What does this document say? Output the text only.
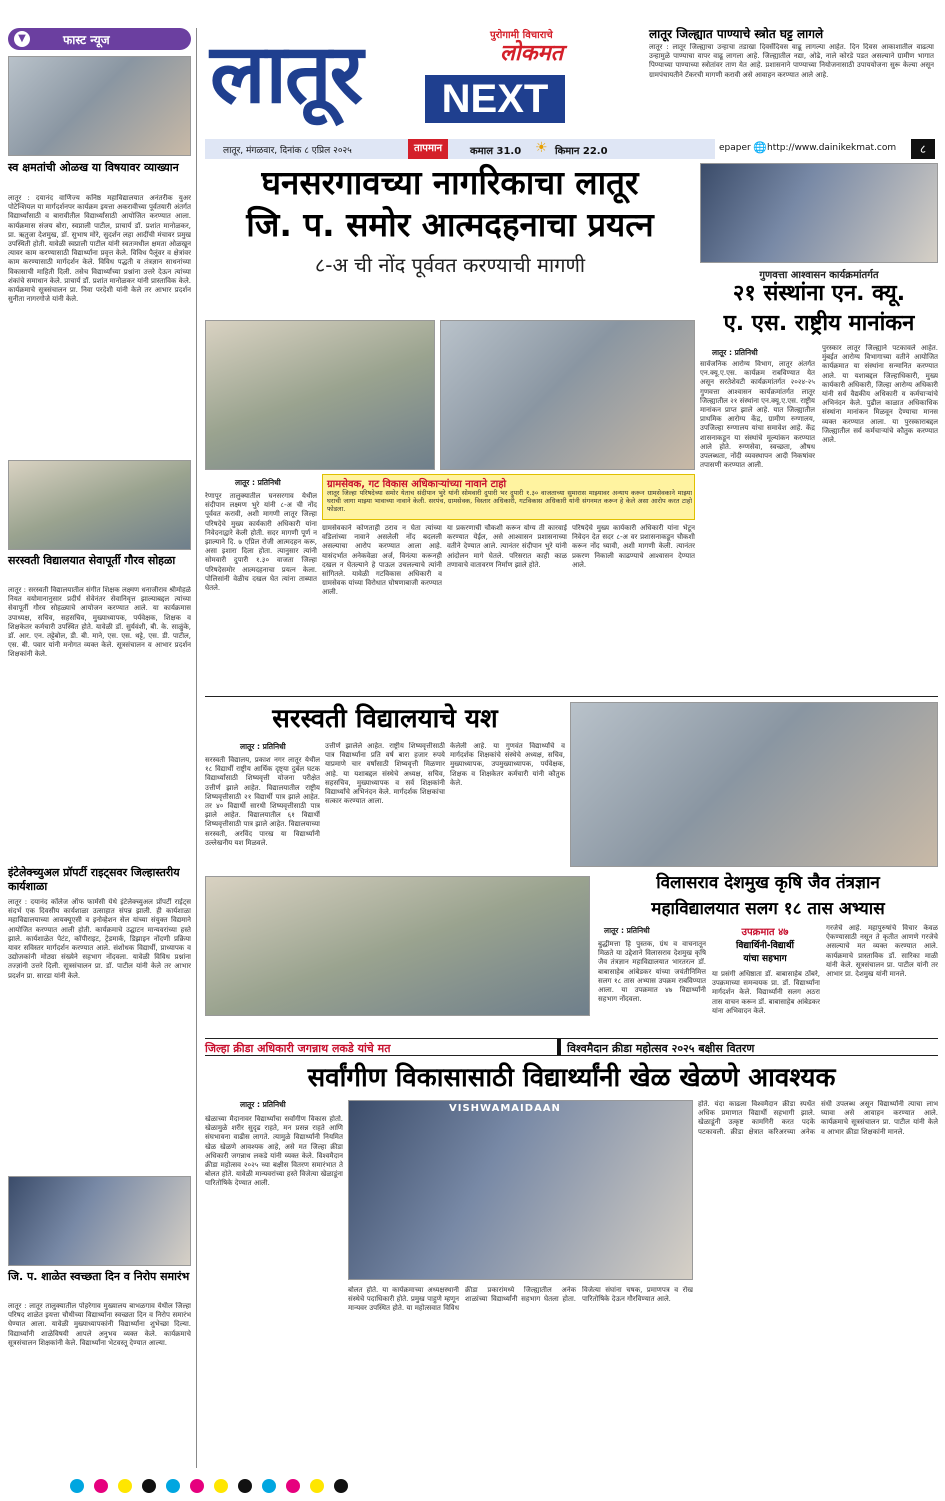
▼	फास्ट न्यूज
स्व क्षमतांची ओळख या विषयावर व्याख्यान
लातूर : दयानंद वाणिज्य कनिष्ठ महाविद्यालयात अनंतरीक युअर पोटेन्शियल या मार्गदर्शनपर कार्यक्रम इयत्ता अकरावीच्या पूर्वतयारी अंतर्गत विद्यार्थ्यांसाठी व बारावीतील विद्यार्थ्यांसाठी आयोजित करण्यात आला. कार्यक्रमास संजय बोरा, स्वप्नाली पाटील, प्राचार्य डॉ. प्रशांत मानोळकर, प्रा. ऋतुजा देशमुख, डॉ. सुभाष मोरे, सुदर्शन लहा आदींची मंचावर प्रमुख उपस्थिती होती. यावेळी स्वप्नाली पाटील यांनी स्वतःमधील क्षमता ओळखून त्यावर काम करण्यासाठी विद्यार्थ्यांना प्रवृत्त केले. विविध पैलूंवर व क्षेत्रांवर काम करण्यासाठी मार्गदर्शन केले. विविध पद्धती व तंत्रज्ञान साधनांच्या विकासाची माहिती दिली. तसेच विद्यार्थ्यांच्या प्रश्नांना उत्तरे देऊन त्यांच्या शंकांचे समाधान केले. प्राचार्य डॉ. प्रशांत मानोळकर यांनी प्रास्ताविक केले. कार्यक्रमाचे सूत्रसंचालन प्रा. निवा परदेशी यांनी केले तर आभार प्रदर्शन सुनीता नागरगोजे यांनी केले.
सरस्वती विद्यालयात सेवापूर्ती गौरव सोहळा
लातूर : सरस्वती विद्यालयातील संगीत शिक्षक लक्ष्मण धनाजीराव श्रीमोहळे नियत वयोमानानुसार प्रदीर्घ सेवेनंतर सेवानिवृत्त झाल्याबद्दल त्यांच्या सेवापूर्ती गौरव सोहळ्याचे आयोजन करण्यात आले. या कार्यक्रमास उपाध्यक्ष, सचिव, सहसचिव, मुख्याध्यापक, पर्यवेक्षक, शिक्षक व शिक्षकेतर कर्मचारी उपस्थित होते. यावेळी डॉ. सुर्यवंशी, बी. के. साळुंके, डॉ. आर. एन. तट्टेबोल, डी. बी. माने, एस. एस. थट्टे, एस. डी. पाटील, एस. बी. पवार यांनी मनोगत व्यक्त केले. सूत्रसंचालन व आभार प्रदर्शन शिक्षकांनी केले.
इंटेलेक्च्युअल प्रॉपर्टी राइट्सवर जिल्हास्तरीय कार्यशाळा
लातूर : दयानंद कॉलेज ऑफ फार्मसी येथे इंटेलेक्च्युअल प्रॉपर्टी राईट्स संदर्भ एक दिवसीय कार्यशाळा उत्साहात संपन्न झाली. ही कार्यशाळा महाविद्यालयाच्या आयक्यूएसी व इनोव्हेशन सेल यांच्या संयुक्त विद्यमाने आयोजित करण्यात आली होती. कार्यक्रमाचे उद्घाटन मान्यवरांच्या हस्ते झाले. कार्यशाळेत पेटंट, कॉपीराइट, ट्रेडमार्क, डिझाइन नोंदणी प्रक्रिया यावर सविस्तर मार्गदर्शन करण्यात आले. संशोधक विद्यार्थी, प्राध्यापक व उद्योजकांनी मोठ्या संख्येने सहभाग नोंदवला. यावेळी विविध प्रश्नांना तज्ज्ञांनी उत्तरे दिली. सूत्रसंचालन प्रा. डॉ. पाटील यांनी केले तर आभार प्रदर्शन प्रा. सारडा यांनी केले.
जि. प. शाळेत स्वच्छता दिन व निरोप समारंभ
लातूर : लातूर तालुक्यातील पोहरेगाव मुख्यालय बाभळगाव येथील जिल्हा परिषद शाळेत इयत्ता चौथीच्या विद्यार्थ्यांना स्वच्छता दिन व निरोप समारंभ घेण्यात आला. यावेळी मुख्याध्यापकांनी विद्यार्थ्यांना शुभेच्छा दिल्या. विद्यार्थ्यांनी शाळेविषयी आपले अनुभव व्यक्त केले. कार्यक्रमाचे सूत्रसंचालन शिक्षकांनी केले. विद्यार्थ्यांना भेटवस्तू देण्यात आल्या.
लातूर	पुरोगामी विचाराचे
लोकमत
NEXT
लातूर, मंगळवार, दिनांक ८ एप्रिल २०२५	तापमान	कमाल 31.0 ☀ किमान 22.0	epaper 🌐 http://www.dainikekmat.com	८
लातूर जिल्ह्यात पाण्याचे स्त्रोत घट्ट लागले
लातूर : लातूर जिल्ह्याचा उन्हाचा तडाखा दिवसेंदिवस वाढू लागल्या आहेत. दिन दिवस आकाशातील वाढत्या उन्हामुळे पाण्याचा वापर वाढू लागला आहे. जिल्ह्यातील नद्या, ओढे, नाले कोरडे पडत असल्याने ग्रामीण भागात पिण्याच्या पाण्याच्या स्त्रोतांवर ताण येत आहे. प्रशासनाने पाण्याच्या नियोजनासाठी उपाययोजना सुरू केल्या असून ग्रामपंचायतीने टँकरची मागणी करावी असे आवाहन करण्यात आले आहे.
घनसरगावच्या नागरिकाचा लातूर
जि. प. समोर आत्मदहनाचा प्रयत्न
८-अ ची नोंद पूर्ववत करण्याची मागणी
लातूर : प्रतिनिधी
रेणापूर तालुक्यातील घनसरगाव येथील संदीपान लक्ष्मण भुरे यांनी ८-अ ची नोंद पूर्ववत करावी, अशी मागणी लातूर जिल्हा परिषदेचे मुख्य कार्यकारी अधिकारी यांना निवेदनाद्वारे केली होती. सदर मागणी पूर्ण न झाल्याने दि. ७ एप्रिल रोजी आत्मदहन करू, असा इशारा दिला होता. त्यानुसार त्यांनी सोमवारी दुपारी १.३० वाजता जिल्हा परिषदेसमोर आत्मदहनाचा प्रयत्न केला. पोलिसांनी वेळीच दखल घेत त्यांना ताब्यात घेतले.
ग्रामसेवक, गट विकास अधिकाऱ्यांच्या नावाने टाहो
लातूर जिल्हा परिषदेच्या समोर येताच संदीपान भुरे यांनी सोमवारी दुपारी भर दुपारी १.३० वाजताच्या सुमारास माझ्यावर अन्याय करून ग्रामसेवकाने माझ्या घराची जागा माझ्या भावाच्या नावाने केली. सरपंच, ग्रामसेवक, विस्तार अधिकारी, गटविकास अधिकारी यांनी संगनमत करून हे केले असा आरोप करत टाहो फोडला.
ग्रामसेवकाने कोणताही ठराव न घेता त्यांच्या वडिलांच्या नावाने असलेली नोंद बदलली असल्याचा आरोप करण्यात आला आहे. यासंदर्भात अनेकवेळा अर्ज, विनंत्या करूनही दखल न घेतल्याने हे पाऊल उचलल्याचे त्यांनी सांगितले. यावेळी गटविकास अधिकारी व ग्रामसेवक यांच्या विरोधात घोषणाबाजी करण्यात आली.
या प्रकरणाची चौकशी करून योग्य ती कारवाई करण्यात येईल, असे आश्वासन प्रशासनाच्या वतीने देण्यात आले. त्यानंतर संदीपान भुरे यांनी आंदोलन मागे घेतले. परिसरात काही काळ तणावाचे वातावरण निर्माण झाले होते.
परिषदेचे मुख्य कार्यकारी अधिकारी यांना भेटून निवेदन देत सदर ८-अ वर प्रशासनाकडून चौकशी करून नोंद घ्यावी, अशी मागणी केली. त्यानंतर प्रकरण निकाली काढण्याचे आश्वासन देण्यात आले.
गुणवत्ता आश्वासन कार्यक्रमांतर्गत
२१ संस्थांना एन. क्यू.
ए. एस. राष्ट्रीय मानांकन
लातूर : प्रतिनिधी
सार्वजनिक आरोग्य विभाग, लातूर अंतर्गत एन.क्यू.ए.एस. कार्यक्रम राबविण्यात येत असून सरतेशेवटी कार्यक्रमांतर्गत २०२४-२५ गुणवत्ता आश्वासन कार्यक्रमांतर्गत लातूर जिल्ह्यातील २१ संस्थांना एन.क्यू.ए.एस. राष्ट्रीय मानांकन प्राप्त झाले आहे. यात जिल्ह्यातील प्राथमिक आरोग्य केंद्र, ग्रामीण रुग्णालय, उपजिल्हा रुग्णालय यांचा समावेश आहे. केंद्र शासनाकडून या संस्थांचे मूल्यांकन करण्यात आले होते. रुग्णसेवा, स्वच्छता, औषध उपलब्धता, नोंदी व्यवस्थापन आदी निकषांवर तपासणी करण्यात आली.
पुरस्कार लातूर जिल्ह्याने पटकावले आहेत. मुंबईत आरोग्य विभागाच्या वतीने आयोजित कार्यक्रमात या संस्थांना सन्मानित करण्यात आले. या यशाबद्दल जिल्हाधिकारी, मुख्य कार्यकारी अधिकारी, जिल्हा आरोग्य अधिकारी यांनी सर्व वैद्यकीय अधिकारी व कर्मचाऱ्यांचे अभिनंदन केले. पुढील काळात अधिकाधिक संस्थांना मानांकन मिळवून देण्याचा मानस व्यक्त करण्यात आला. या पुरस्काराबद्दल जिल्ह्यातील सर्व कर्मचाऱ्यांचे कौतुक करण्यात आले.
सरस्वती विद्यालयाचे यश
लातूर : प्रतिनिधी
सरस्वती विद्यालय, प्रकाश नगर लातूर येथील १८ विद्यार्थी राष्ट्रीय आर्थिक दृष्ट्या दुर्बल घटक विद्यार्थ्यांसाठी शिष्यवृत्ती योजना परीक्षेत उत्तीर्ण झाले आहेत. विद्यालयातील राष्ट्रीय शिष्यवृत्तीसाठी २१ विद्यार्थी पात्र झाले आहेत. तर ४० विद्यार्थी सारथी शिष्यवृत्तीसाठी पात्र झाले आहेत. विद्यालयातील ६१ विद्यार्थी शिष्यवृत्तीसाठी पात्र झाले आहेत. विद्यालयाच्या सरस्वती, अरविंद पारख या विद्यार्थ्यांनी उल्लेखनीय यश मिळवले.
उत्तीर्ण झालेले आहेत. राष्ट्रीय शिष्यवृत्तीसाठी पात्र विद्यार्थ्यांना प्रति वर्ष बारा हजार रुपये याप्रमाणे चार वर्षांसाठी शिष्यवृत्ती मिळणार आहे. या यशाबद्दल संस्थेचे अध्यक्ष, सचिव, सहसचिव, मुख्याध्यापक व सर्व शिक्षकांनी विद्यार्थ्यांचे अभिनंदन केले. मार्गदर्शक शिक्षकांचा सत्कार करण्यात आला.
केलेली आहे. या गुणवंत विद्यार्थ्यांचे व मार्गदर्शक शिक्षकांचे संस्थेचे अध्यक्ष, सचिव, मुख्याध्यापक, उपमुख्याध्यापक, पर्यवेक्षक, शिक्षक व शिक्षकेतर कर्मचारी यांनी कौतुक केले.
विलासराव देशमुख कृषि जैव तंत्रज्ञान
महाविद्यालयात सलग १८ तास अभ्यास
लातूर : प्रतिनिधी	उपक्रमात ४७
विद्यार्थिनी-विद्यार्थी
यांचा सहभाग
बुद्धीमत्ता हि पुस्तक, ग्रंथ व वाचनातून मिळते या उद्देशाने विलासराव देशमुख कृषि जैव तंत्रज्ञान महाविद्यालयात भारतरत्न डॉ. बाबासाहेब आंबेडकर यांच्या जयंतीनिमित्त सलग १८ तास अभ्यास उपक्रम राबविण्यात आला. या उपक्रमात ४७ विद्यार्थ्यांनी सहभाग नोंदवला.
या प्रसंगी अधिष्ठाता डॉ. बाबासाहेब ठोंबरे, उपक्रमाच्या समन्वयक प्रा. डॉ. विद्यार्थ्यांना मार्गदर्शन केले. विद्यार्थ्यांनी सलग अठरा तास वाचन करून डॉ. बाबासाहेब आंबेडकर यांना अभिवादन केले.
गरजेचे आहे. महापुरुषांचे विचार केवळ ऐकण्यासाठी नसून ते कृतीत आणणे गरजेचे असल्याचे मत व्यक्त करण्यात आले. कार्यक्रमाचे प्रास्ताविक डॉ. सारिका माळी यांनी केले. सूत्रसंचालन प्रा. पाटील यांनी तर आभार प्रा. देशमुख यांनी मानले.
जिल्हा क्रीडा अधिकारी जगन्नाथ लकडे यांचे मत	विश्वमैदान क्रीडा महोत्सव २०२५ बक्षीस वितरण
सर्वांगीण विकासासाठी विद्यार्थ्यांनी खेळ खेळणे आवश्यक
लातूर : प्रतिनिधी
खेळाच्या मैदानावर विद्यार्थ्यांचा सर्वांगीण विकास होतो. खेळामुळे शरीर सुदृढ राहते, मन प्रसन्न राहते आणि संघभावना वाढीस लागते. त्यामुळे विद्यार्थ्यांनी नियमित खेळ खेळणे आवश्यक आहे, असे मत जिल्हा क्रीडा अधिकारी जगन्नाथ लकडे यांनी व्यक्त केले. विश्वमैदान क्रीडा महोत्सव २०२५ च्या बक्षीस वितरण समारंभात ते बोलत होते. यावेळी मान्यवरांच्या हस्ते विजेत्या खेळाडूंना पारितोषिके देण्यात आली.
VISHWAMAIDAAN
बोलत होते. या कार्यक्रमाच्या अध्यक्षस्थानी संस्थेचे पदाधिकारी होते. प्रमुख पाहुणे म्हणून मान्यवर उपस्थित होते. या महोत्सवात विविध क्रीडा प्रकारांमध्ये जिल्ह्यातील अनेक शाळांच्या विद्यार्थ्यांनी सहभाग घेतला होता. विजेत्या संघांना चषक, प्रमाणपत्र व रोख पारितोषिके देऊन गौरविण्यात आले.
होते. यंदा काढला विश्वमैदान क्रीडा स्पर्धेत अधिक प्रमाणात विद्यार्थी सहभागी झाले. खेळाडूंनी उत्कृष्ट कामगिरी करत पदके पटकावली. क्रीडा क्षेत्रात करिअरच्या अनेक संधी उपलब्ध असून विद्यार्थ्यांनी त्याचा लाभ घ्यावा असे आवाहन करण्यात आले. कार्यक्रमाचे सूत्रसंचालन प्रा. पाटील यांनी केले व आभार क्रीडा शिक्षकांनी मानले.
